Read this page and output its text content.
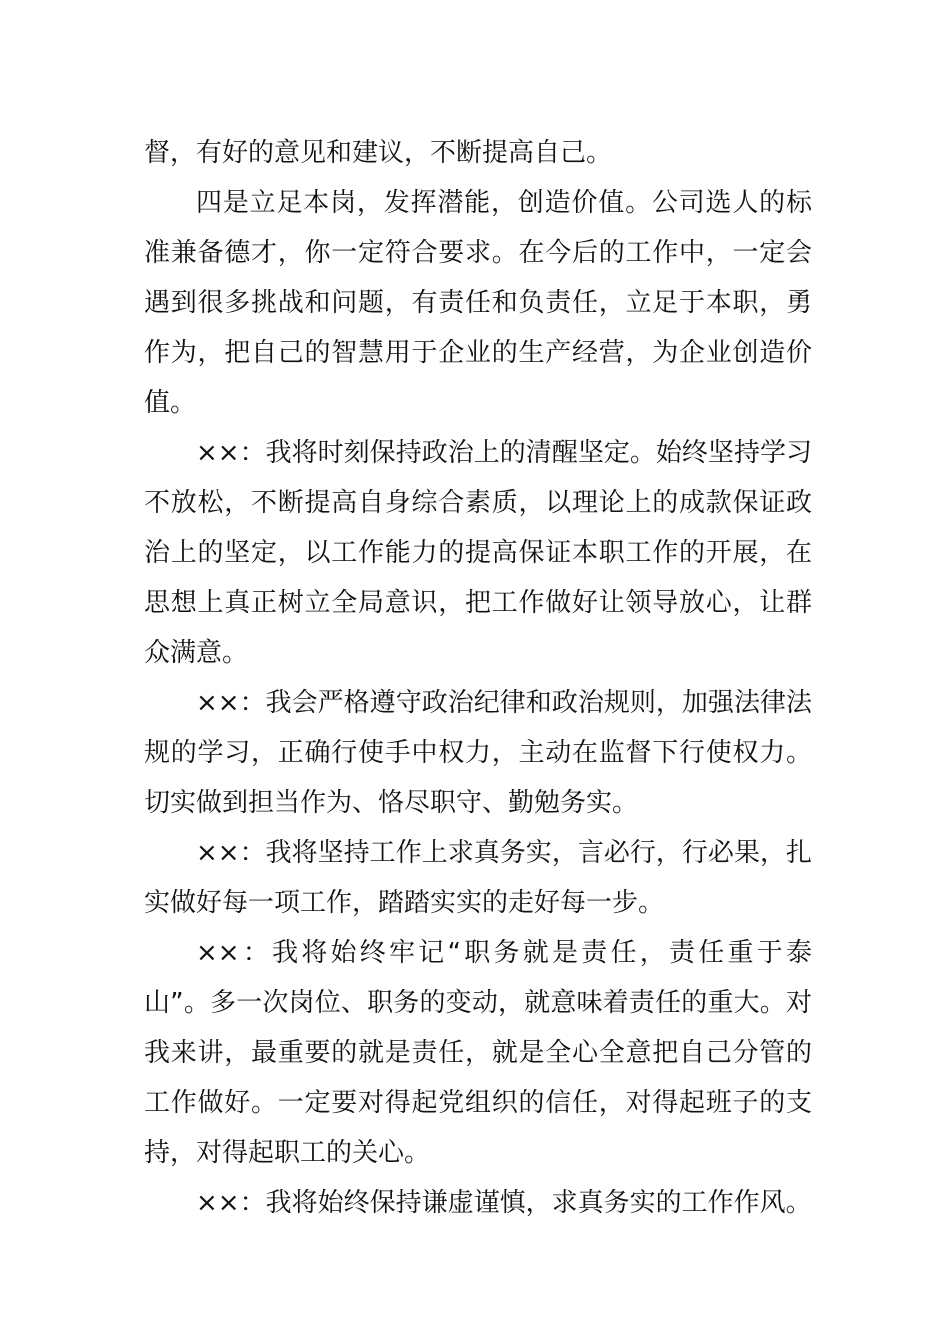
督，有好的意见和建议，不断提高自己。

四是立足本岗，发挥潜能，创造价值。公司选人的标准兼备德才，你一定符合要求。在今后的工作中，一定会遇到很多挑战和问题，有责任和负责任，立足于本职，勇作为，把自己的智慧用于企业的生产经营，为企业创造价值。

××：我将时刻保持政治上的清醒坚定。始终坚持学习不放松，不断提高自身综合素质，以理论上的成款保证政治上的坚定，以工作能力的提高保证本职工作的开展，在思想上真正树立全局意识，把工作做好让领导放心，让群众满意。

××：我会严格遵守政治纪律和政治规则，加强法律法规的学习，正确行使手中权力，主动在监督下行使权力。切实做到担当作为、恪尽职守、勤勉务实。

××：我将坚持工作上求真务实，言必行，行必果，扎实做好每一项工作，踏踏实实的走好每一步。

××：我将始终牢记“职务就是责任，责任重于泰山”。多一次岗位、职务的变动，就意味着责任的重大。对我来讲，最重要的就是责任，就是全心全意把自己分管的工作做好。一定要对得起党组织的信任，对得起班子的支持，对得起职工的关心。

××：我将始终保持谦虚谨慎，求真务实的工作作风。
